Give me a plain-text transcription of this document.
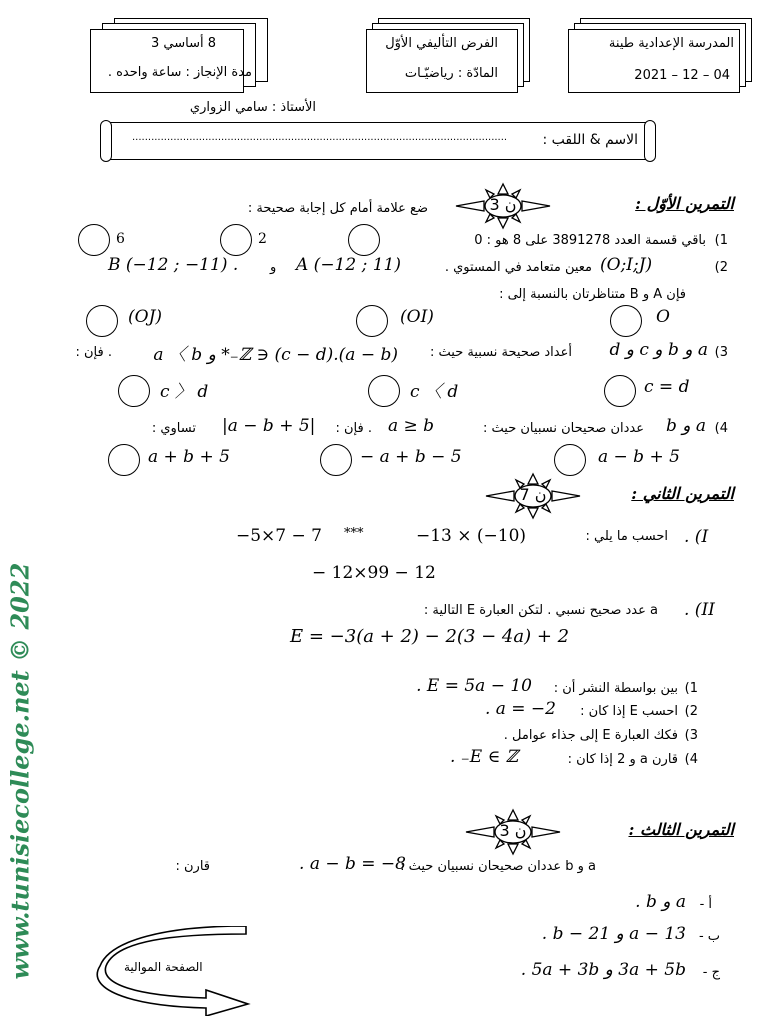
المدرسة الإعدادية طينة
2021 – 12 – 04
الفرض التأليفي الأوّل
المادّة : رياضيّـات
8 أساسي 3
مدة الإنجاز : ساعة واحده .
الأستاذ : سامي الزواري
الاسم & اللقب :
......................................................................................................................
التمرين الأوّل :
3 ن
ضع علامة أمام كل إجابة صحيحة :
1)
باقي قسمة العدد 3891278 على 8 هو : 0
2
6
2)
(O;I;J)
معين متعامد في المستوي .
A (−12 ; 11)
و
B (−12 ; −11) .
فإن A و B متناظرتان بالنسبة إلى :
O
(OI)
(OJ)
3)
a و b و c و d
أعداد صحيحة نسبية حيث :
(a − b).(c − d) ∈ ℤ₋* و a 〈 b
. فإن :
c = d
c 〈 d
c 〉 d
4)
a و b
عددان صحيحان نسبيان حيث :
a ≥ b
. فإن :
|a − b + 5|
تساوي :
a − b + 5
− a + b − 5
a + b + 5
التمرين الثاني :
7 ن
I) .
احسب ما يلي :
−13 × (−10)
***
−5×7 − 7
− 12×99 − 12
II) .
a عدد صحيح نسبي . لتكن العبارة E التالية :
E = −3(a + 2) − 2(3 − 4a) + 2
1)
بين بواسطة النشر أن :
E = 5a − 10 .
2)
احسب E إذا كان :
a = −2 .
3)
فكك العبارة E إلى جذاء عوامل .
4)
قارن a و 2 إذا كان :
E ∈ ℤ₋ .
التمرين الثالث :
3 ن
a و b عددان صحيحان نسبيان حيث :
a − b = −8 .
قارن :
أ -
a و b .
ب -
a − 13 و b − 21 .
ج -
3a + 5b و 5a + 3b .
الصفحة الموالية
www.tunisiecollege.net © 2022
